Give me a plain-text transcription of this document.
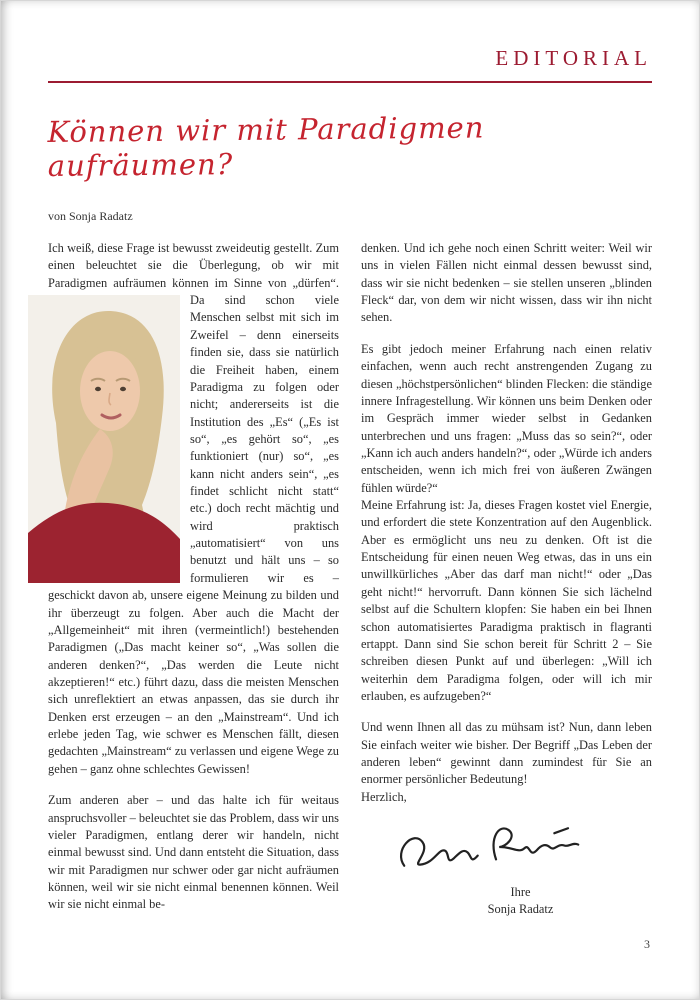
EDITORIAL
Können wir mit Paradigmen aufräumen?

von Sonja Radatz

Ich weiß, diese Frage ist bewusst zweideutig gestellt. Zum einen beleuchtet sie die Überlegung, ob wir mit Paradigmen aufräumen können im Sinne von „dürfen“. Da sind schon viele Menschen selbst mit sich im Zweifel – denn einerseits finden sie, dass sie natürlich die Freiheit haben, einem Paradigma zu folgen oder nicht; andererseits ist die Institution des „Es“ („Es ist so“, „es gehört so“, „es funktioniert (nur) so“, „es kann nicht anders sein“, „es findet schlicht nicht statt“ etc.) doch recht mächtig und wird praktisch „automatisiert“ von uns benutzt und hält uns – so formulieren wir es – geschickt davon ab, unsere eigene Meinung zu bilden und ihr überzeugt zu folgen. Aber auch die Macht der „Allgemeinheit“ mit ihren (vermeintlich!) bestehenden Paradigmen („Das macht keiner so“, „Was sollen die anderen denken?“, „Das werden die Leute nicht akzeptieren!“ etc.) führt dazu, dass die meisten Menschen sich unreflektiert an etwas anpassen, das sie durch ihr Denken erst erzeugen – an den „Mainstream“. Und ich erlebe jeden Tag, wie schwer es Menschen fällt, diesen gedachten „Mainstream“ zu verlassen und eigene Wege zu gehen – ganz ohne schlechtes Gewissen!

Zum anderen aber – und das halte ich für weitaus anspruchsvoller – beleuchtet sie das Problem, dass wir uns vieler Paradigmen, entlang derer wir handeln, nicht einmal bewusst sind. Und dann entsteht die Situation, dass wir mit Paradigmen nur schwer oder gar nicht aufräumen können, weil wir sie nicht einmal benennen können. Weil wir sie nicht einmal be-

denken. Und ich gehe noch einen Schritt weiter: Weil wir uns in vielen Fällen nicht einmal dessen bewusst sind, dass wir sie nicht bedenken – sie stellen unseren „blinden Fleck“ dar, von dem wir nicht wissen, dass wir ihn nicht sehen.

Es gibt jedoch meiner Erfahrung nach einen relativ einfachen, wenn auch recht anstrengenden Zugang zu diesen „höchstpersönlichen“ blinden Flecken: die ständige innere Infragestellung. Wir können uns beim Denken oder im Gespräch immer wieder selbst in Gedanken unterbrechen und uns fragen: „Muss das so sein?“, oder „Kann ich auch anders handeln?“, oder „Würde ich anders entscheiden, wenn ich mich frei von äußeren Zwängen fühlen würde?“

Meine Erfahrung ist: Ja, dieses Fragen kostet viel Energie, und erfordert die stete Konzentration auf den Augenblick. Aber es ermöglicht uns neu zu denken. Oft ist die Entscheidung für einen neuen Weg etwas, das in uns ein unwillkürliches „Aber das darf man nicht!“ oder „Das geht nicht!“ hervorruft. Dann können Sie sich lächelnd selbst auf die Schultern klopfen: Sie haben ein bei Ihnen schon automatisiertes Paradigma praktisch in flagranti ertappt. Dann sind Sie schon bereit für Schritt 2 – Sie schreiben diesen Punkt auf und überlegen: „Will ich weiterhin dem Paradigma folgen, oder will ich mir erlauben, es aufzugeben?“

Und wenn Ihnen all das zu mühsam ist? Nun, dann leben Sie einfach weiter wie bisher. Der Begriff „Das Leben der anderen leben“ gewinnt dann zumindest für Sie an enormer persönlicher Bedeutung!

Herzlich,

Ihre
Sonja Radatz
3
